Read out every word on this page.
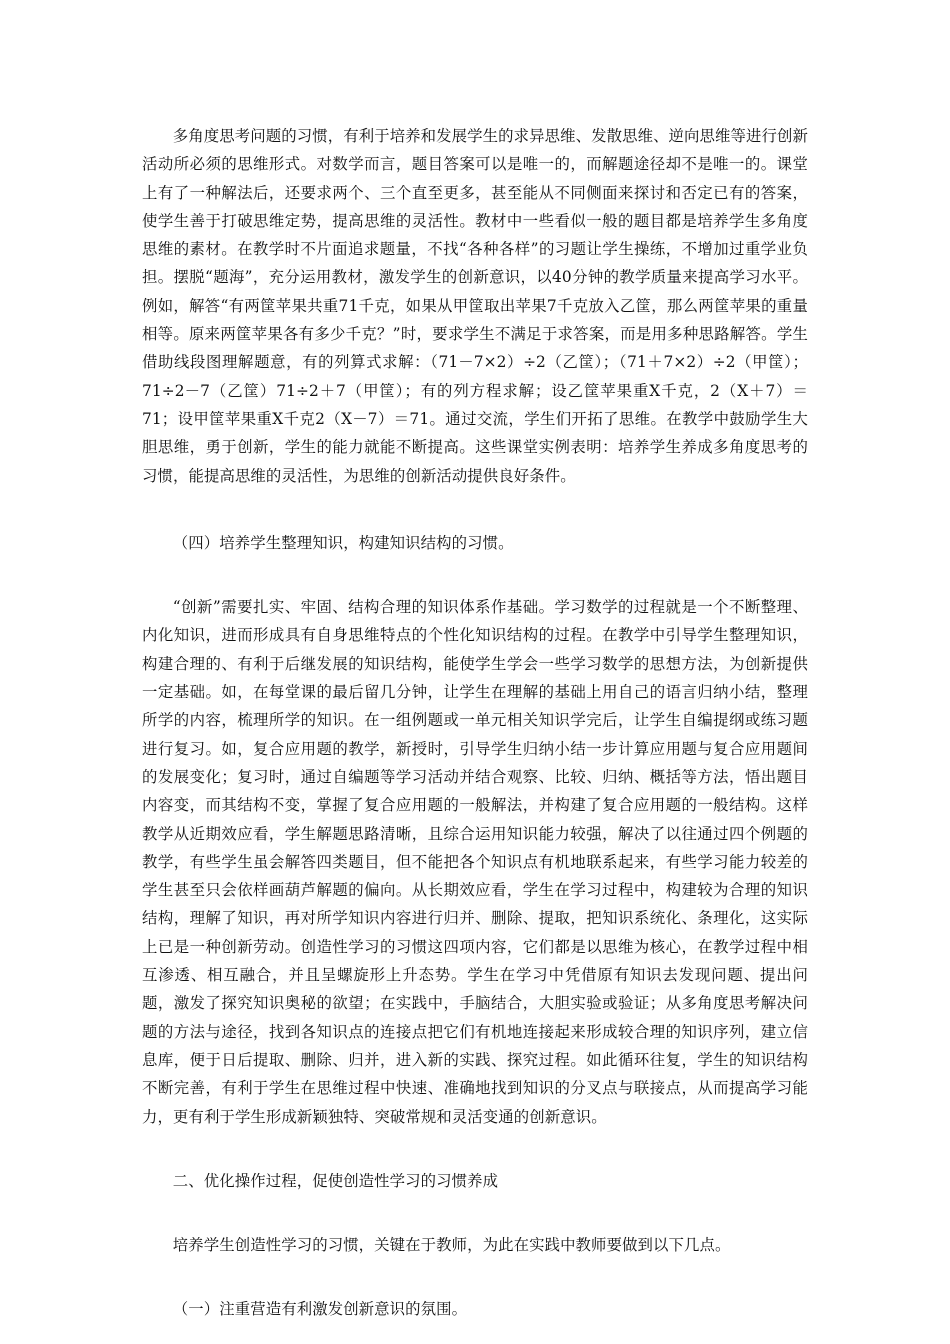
多角度思考问题的习惯，有利于培养和发展学生的求异思维、发散思维、逆向思维等进行创新活动所必须的思维形式。对数学而言，题目答案可以是唯一的，而解题途径却不是唯一的。课堂上有了一种解法后，还要求两个、三个直至更多，甚至能从不同侧面来探讨和否定已有的答案，使学生善于打破思维定势，提高思维的灵活性。教材中一些看似一般的题目都是培养学生多角度思维的素材。在教学时不片面追求题量，不找“各种各样”的习题让学生操练，不增加过重学业负担。摆脱“题海”，充分运用教材，激发学生的创新意识，以40分钟的教学质量来提高学习水平。例如，解答“有两筐苹果共重71千克，如果从甲筐取出苹果7千克放入乙筐，那么两筐苹果的重量相等。原来两筐苹果各有多少千克？”时，要求学生不满足于求答案，而是用多种思路解答。学生借助线段图理解题意，有的列算式求解：（71－7×2）÷2（乙筐）；（71＋7×2）÷2（甲筐）；71÷2－7（乙筐）71÷2＋7（甲筐）；有的列方程求解；设乙筐苹果重X千克，2（X＋7）＝71；设甲筐苹果重X千克2（X－7）＝71。通过交流，学生们开拓了思维。在教学中鼓励学生大胆思维，勇于创新，学生的能力就能不断提高。这些课堂实例表明：培养学生养成多角度思考的习惯，能提高思维的灵活性，为思维的创新活动提供良好条件。

（四）培养学生整理知识，构建知识结构的习惯。

“创新”需要扎实、牢固、结构合理的知识体系作基础。学习数学的过程就是一个不断整理、内化知识，进而形成具有自身思维特点的个性化知识结构的过程。在教学中引导学生整理知识，构建合理的、有利于后继发展的知识结构，能使学生学会一些学习数学的思想方法，为创新提供一定基础。如，在每堂课的最后留几分钟，让学生在理解的基础上用自己的语言归纳小结，整理所学的内容，梳理所学的知识。在一组例题或一单元相关知识学完后，让学生自编提纲或练习题进行复习。如，复合应用题的教学，新授时，引导学生归纳小结一步计算应用题与复合应用题间的发展变化；复习时，通过自编题等学习活动并结合观察、比较、归纳、概括等方法，悟出题目内容变，而其结构不变，掌握了复合应用题的一般解法，并构建了复合应用题的一般结构。这样教学从近期效应看，学生解题思路清晰，且综合运用知识能力较强，解决了以往通过四个例题的教学，有些学生虽会解答四类题目，但不能把各个知识点有机地联系起来，有些学习能力较差的学生甚至只会依样画葫芦解题的偏向。从长期效应看，学生在学习过程中，构建较为合理的知识结构，理解了知识，再对所学知识内容进行归并、删除、提取，把知识系统化、条理化，这实际上已是一种创新劳动。创造性学习的习惯这四项内容，它们都是以思维为核心，在教学过程中相互渗透、相互融合，并且呈螺旋形上升态势。学生在学习中凭借原有知识去发现问题、提出问题，激发了探究知识奥秘的欲望；在实践中，手脑结合，大胆实验或验证；从多角度思考解决问题的方法与途径，找到各知识点的连接点把它们有机地连接起来形成较合理的知识序列，建立信息库，便于日后提取、删除、归并，进入新的实践、探究过程。如此循环往复，学生的知识结构不断完善，有利于学生在思维过程中快速、准确地找到知识的分叉点与联接点，从而提高学习能力，更有利于学生形成新颖独特、突破常规和灵活变通的创新意识。

二、优化操作过程，促使创造性学习的习惯养成

培养学生创造性学习的习惯，关键在于教师，为此在实践中教师要做到以下几点。

（一）注重营造有利激发创新意识的氛围。
